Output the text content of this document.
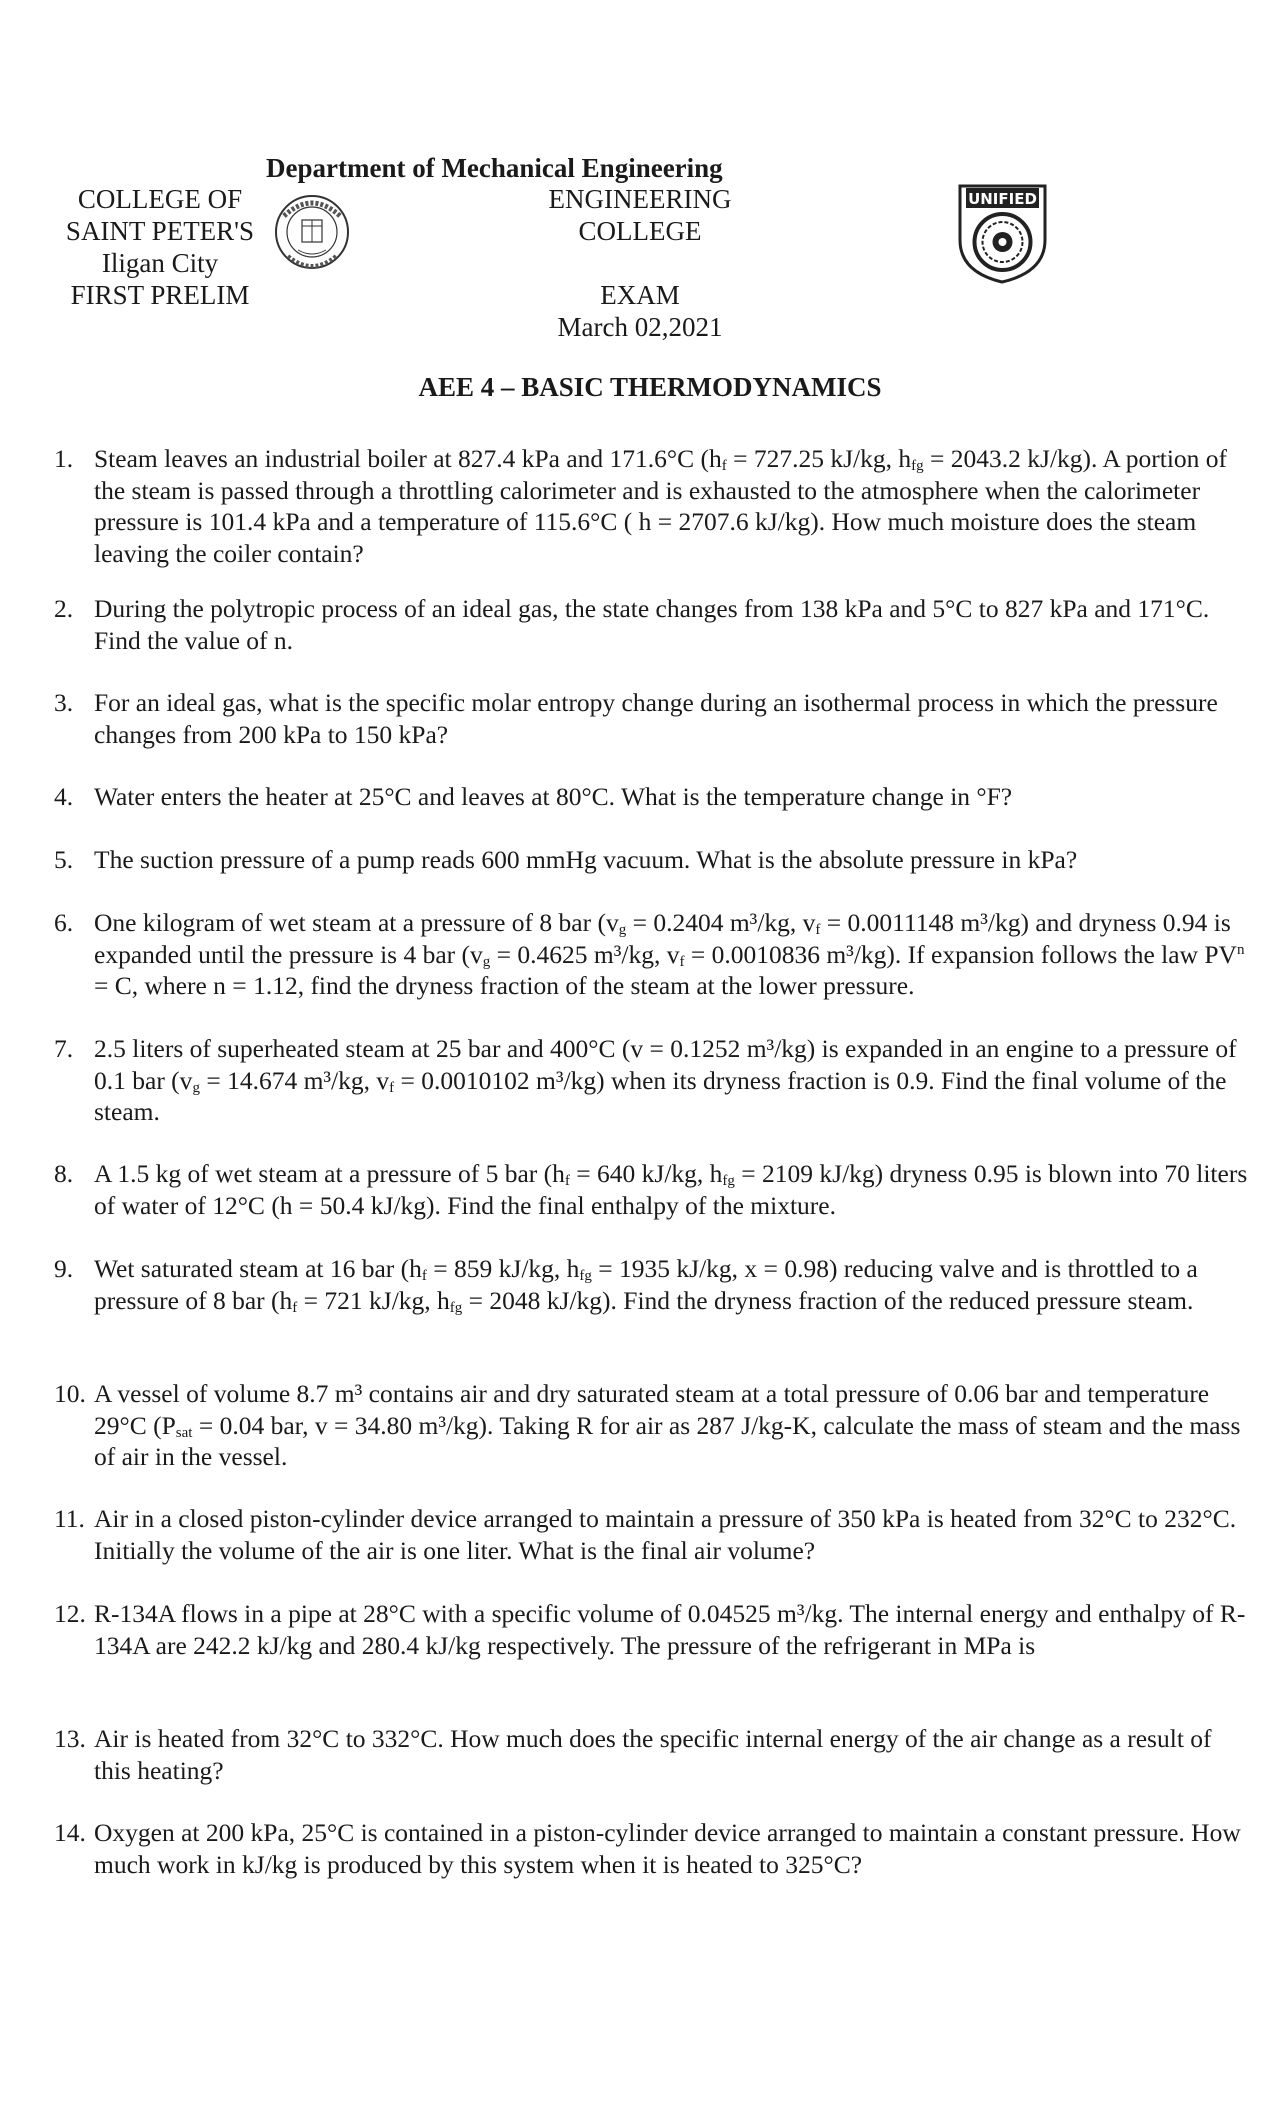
Department of Mechanical Engineering
COLLEGE OF
SAINT PETER'S
Iligan City
FIRST PRELIM
ENGINEERING
COLLEGE
EXAM
March 02,2021
UNIFIED
AEE 4 – BASIC THERMODYNAMICS
1. Steam leaves an industrial boiler at 827.4 kPa and 171.6°C ($h_f = 727.25$ kJ/kg, $h_{fg} = 2043.2$ kJ/kg). A portion of the steam is passed through a throttling calorimeter and is exhausted to the atmosphere when the calorimeter pressure is 101.4 kPa and a temperature of 115.6°C ( h = 2707.6 kJ/kg). How much moisture does the steam leaving the coiler contain?
2. During the polytropic process of an ideal gas, the state changes from 138 kPa and 5°C to 827 kPa and 171°C. Find the value of n.
3. For an ideal gas, what is the specific molar entropy change during an isothermal process in which the pressure changes from 200 kPa to 150 kPa?
4. Water enters the heater at 25°C and leaves at 80°C. What is the temperature change in °F?
5. The suction pressure of a pump reads 600 mmHg vacuum. What is the absolute pressure in kPa?
6. One kilogram of wet steam at a pressure of 8 bar ($v_g = 0.2404$ m³/kg, $v_f = 0.0011148$ m³/kg) and dryness 0.94 is expanded until the pressure is 4 bar ($v_g = 0.4625$ m³/kg, $v_f = 0.0010836$ m³/kg). If expansion follows the law $PV^n = C$, where n = 1.12, find the dryness fraction of the steam at the lower pressure.
7. 2.5 liters of superheated steam at 25 bar and 400°C (v = 0.1252 m³/kg) is expanded in an engine to a pressure of 0.1 bar ($v_g = 14.674$ m³/kg, $v_f = 0.0010102$ m³/kg) when its dryness fraction is 0.9. Find the final volume of the steam.
8. A 1.5 kg of wet steam at a pressure of 5 bar ($h_f = 640$ kJ/kg, $h_{fg} = 2109$ kJ/kg) dryness 0.95 is blown into 70 liters of water of 12°C (h = 50.4 kJ/kg). Find the final enthalpy of the mixture.
9. Wet saturated steam at 16 bar ($h_f = 859$ kJ/kg, $h_{fg} = 1935$ kJ/kg, x = 0.98) reducing valve and is throttled to a pressure of 8 bar ($h_f = 721$ kJ/kg, $h_{fg} = 2048$ kJ/kg). Find the dryness fraction of the reduced pressure steam.
10. A vessel of volume 8.7 m³ contains air and dry saturated steam at a total pressure of 0.06 bar and temperature 29°C ($P_{sat} = 0.04$ bar, v = 34.80 m³/kg). Taking R for air as 287 J/kg-K, calculate the mass of steam and the mass of air in the vessel.
11. Air in a closed piston-cylinder device arranged to maintain a pressure of 350 kPa is heated from 32°C to 232°C. Initially the volume of the air is one liter. What is the final air volume?
12. R-134A flows in a pipe at 28°C with a specific volume of 0.04525 m³/kg. The internal energy and enthalpy of R-134A are 242.2 kJ/kg and 280.4 kJ/kg respectively. The pressure of the refrigerant in MPa is
13. Air is heated from 32°C to 332°C. How much does the specific internal energy of the air change as a result of this heating?
14. Oxygen at 200 kPa, 25°C is contained in a piston-cylinder device arranged to maintain a constant pressure. How much work in kJ/kg is produced by this system when it is heated to 325°C?
